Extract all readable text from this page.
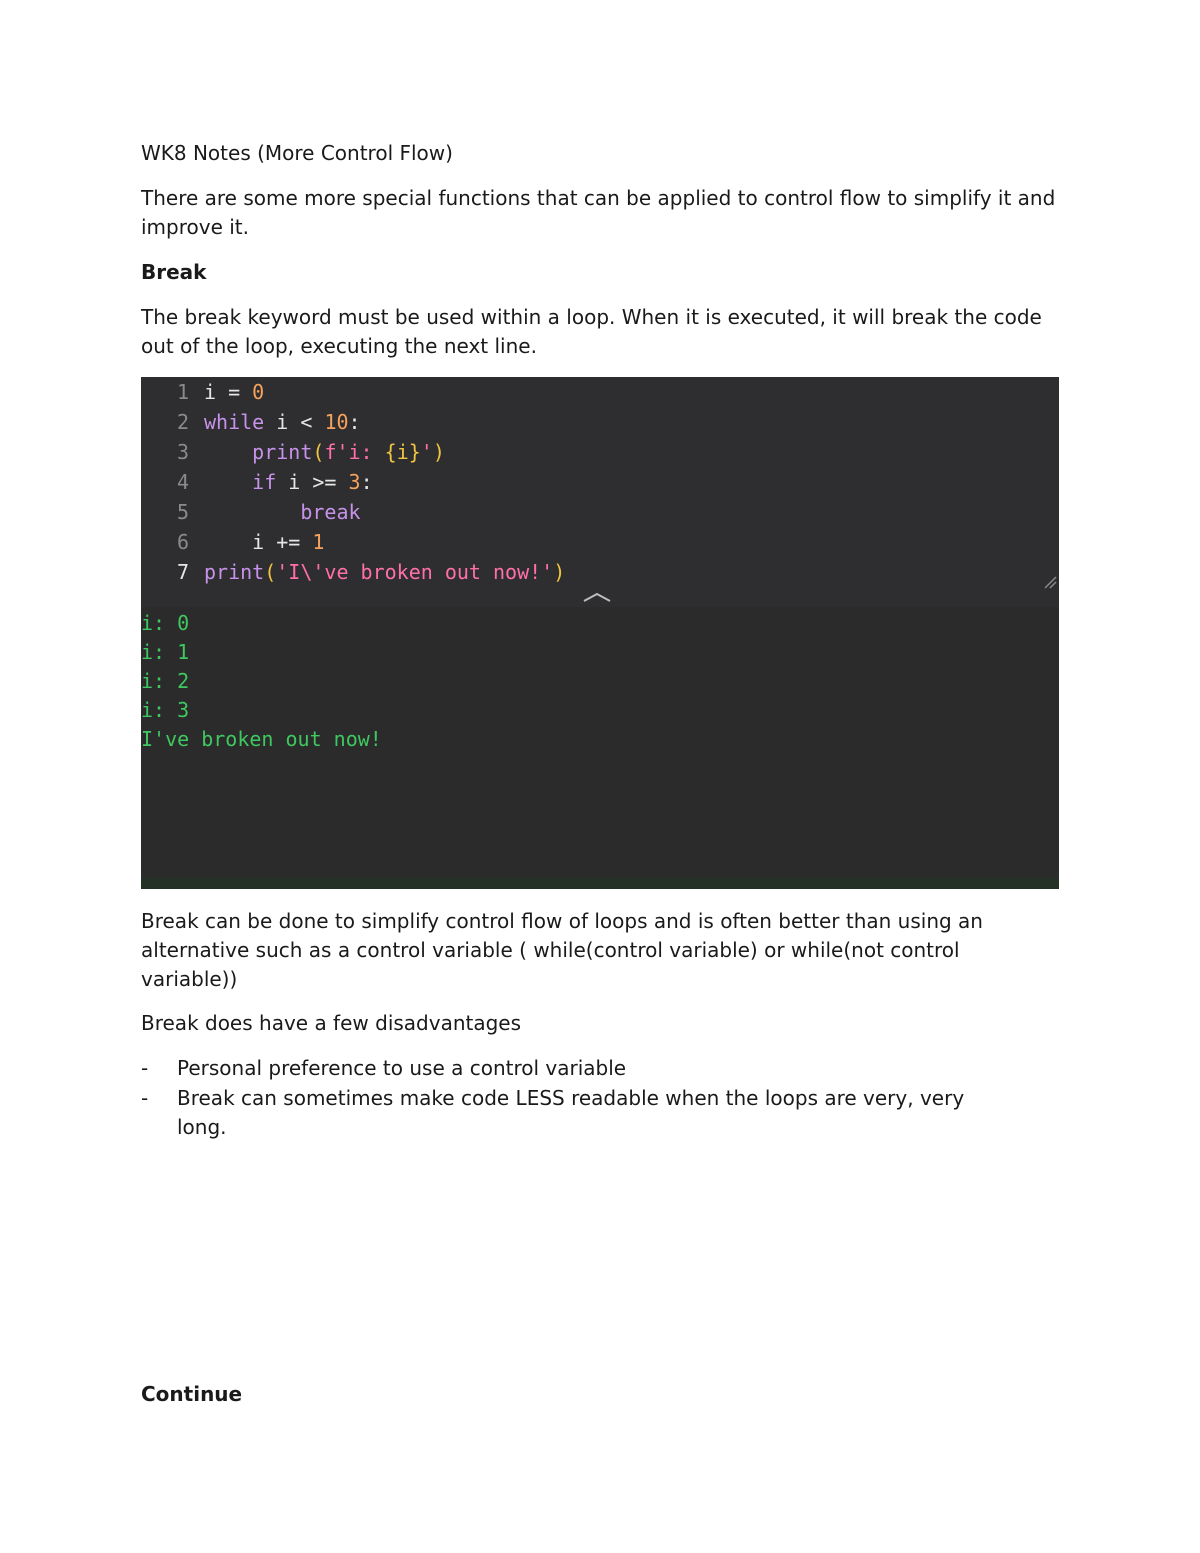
WK8 Notes (More Control Flow)

There are some more special functions that can be applied to control flow to simplify it and improve it.

Break

The break keyword must be used within a loop. When it is executed, it will break the code out of the loop, executing the next line.

1 i = 0
2 while i < 10:
3	print(f'i: {i}')
4	if i >= 3:
5	break
6	i += 1
7 print('I\'ve broken out now!')
i: 0
i: 1
i: 2
i: 3
I've broken out now!

Break can be done to simplify control flow of loops and is often better than using an alternative such as a control variable ( while(control variable) or while(not control variable))

Break does have a few disadvantages

- Personal preference to use a control variable
- Break can sometimes make code LESS readable when the loops are very, very long.

Continue
